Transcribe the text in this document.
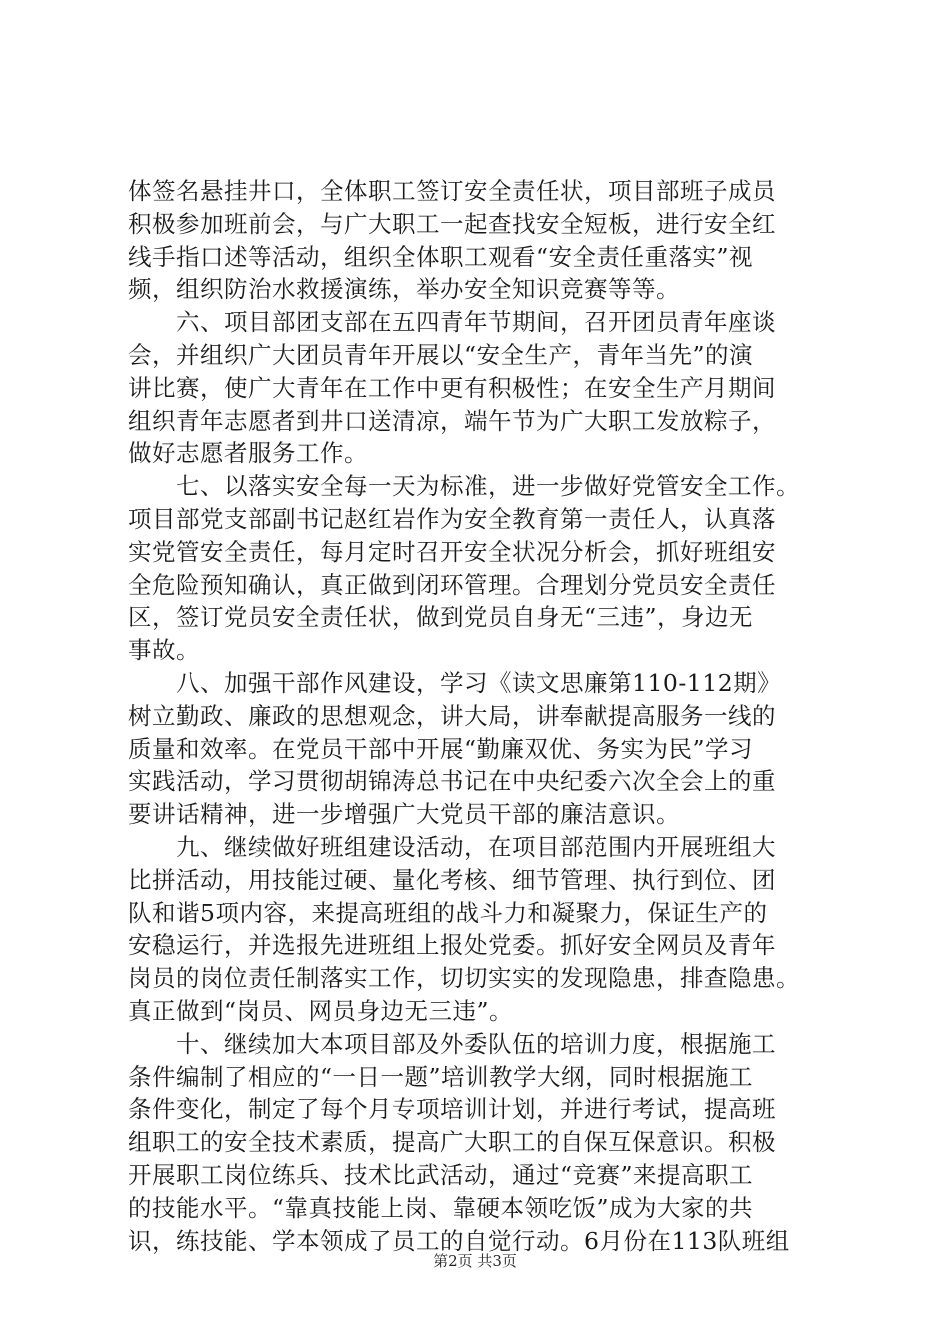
体签名悬挂井口，全体职工签订安全责任状，项目部班子成员
积极参加班前会，与广大职工一起查找安全短板，进行安全红
线手指口述等活动，组织全体职工观看“安全责任重落实”视
频，组织防治水救援演练，举办安全知识竞赛等等。
　　六、项目部团支部在五四青年节期间，召开团员青年座谈
会，并组织广大团员青年开展以“安全生产，青年当先”的演
讲比赛，使广大青年在工作中更有积极性；在安全生产月期间
组织青年志愿者到井口送清凉，端午节为广大职工发放粽子，
做好志愿者服务工作。
　　七、以落实安全每一天为标准，进一步做好党管安全工作。
项目部党支部副书记赵红岩作为安全教育第一责任人，认真落
实党管安全责任，每月定时召开安全状况分析会，抓好班组安
全危险预知确认，真正做到闭环管理。合理划分党员安全责任
区，签订党员安全责任状，做到党员自身无“三违”，身边无
事故。
　　八、加强干部作风建设，学习《读文思廉第110-112期》
树立勤政、廉政的思想观念，讲大局，讲奉献提高服务一线的
质量和效率。在党员干部中开展“勤廉双优、务实为民”学习
实践活动，学习贯彻胡锦涛总书记在中央纪委六次全会上的重
要讲话精神，进一步增强广大党员干部的廉洁意识。
　　九、继续做好班组建设活动，在项目部范围内开展班组大
比拼活动，用技能过硬、量化考核、细节管理、执行到位、团
队和谐5项内容，来提高班组的战斗力和凝聚力，保证生产的
安稳运行，并选报先进班组上报处党委。抓好安全网员及青年
岗员的岗位责任制落实工作，切切实实的发现隐患，排查隐患。
真正做到“岗员、网员身边无三违”。
　　十、继续加大本项目部及外委队伍的培训力度，根据施工
条件编制了相应的“一日一题”培训教学大纲，同时根据施工
条件变化，制定了每个月专项培训计划，并进行考试，提高班
组职工的安全技术素质，提高广大职工的自保互保意识。积极
开展职工岗位练兵、技术比武活动，通过“竞赛”来提高职工
的技能水平。“靠真技能上岗、靠硬本领吃饭”成为大家的共
识，练技能、学本领成了员工的自觉行动。6月份在113队班组
第2页 共3页
